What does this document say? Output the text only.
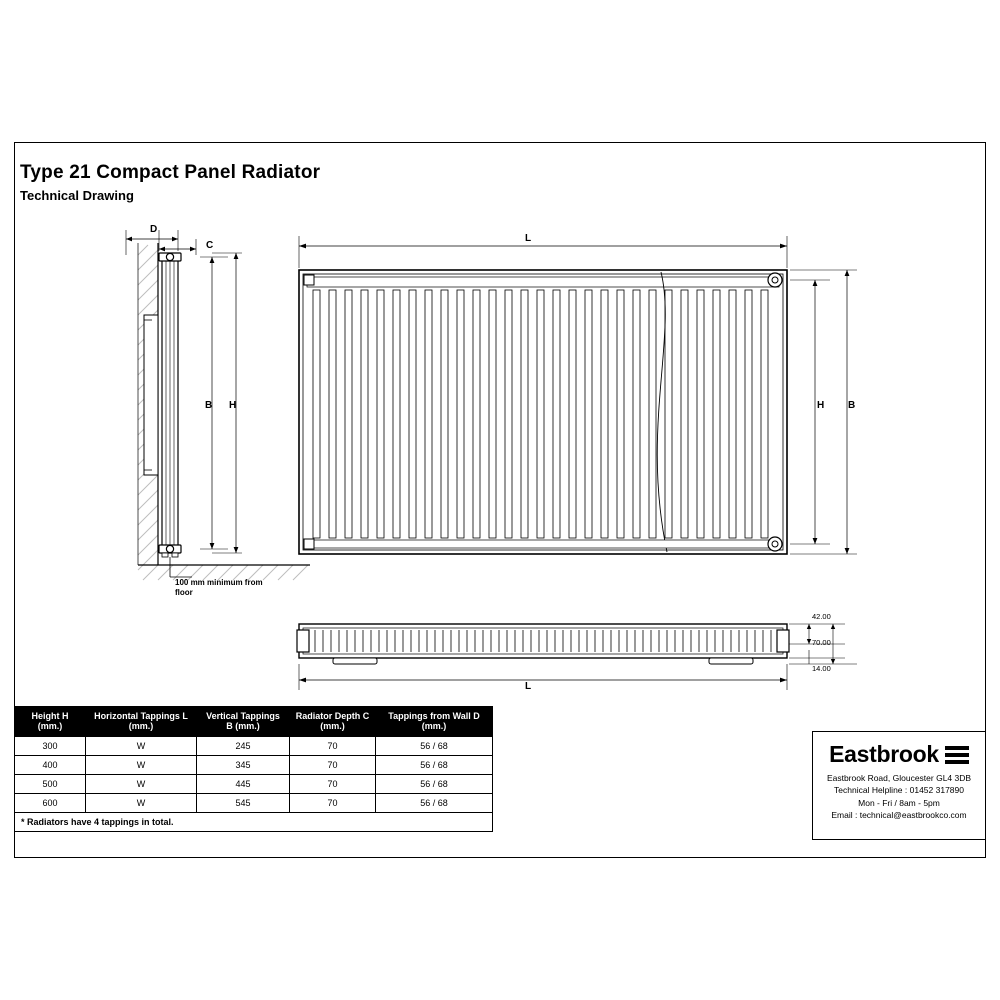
Type 21 Compact Panel Radiator
Technical Drawing
D
C
B H
100 mm minimum from floor
L
H B
L
42.00
70.00
14.00
Height H (mm.)	Horizontal Tappings L (mm.)	Vertical Tappings B (mm.)	Radiator Depth C (mm.)	Tappings from Wall D (mm.)
300	W	245	70	56 / 68
400	W	345	70	56 / 68
500	W	445	70	56 / 68
600	W	545	70	56 / 68
* Radiators have 4 tappings in total.				
Eastbrook
Eastbrook Road, Gloucester GL4 3DB
Technical Helpline : 01452 317890
Mon - Fri / 8am - 5pm
Email : technical@eastbrookco.com
